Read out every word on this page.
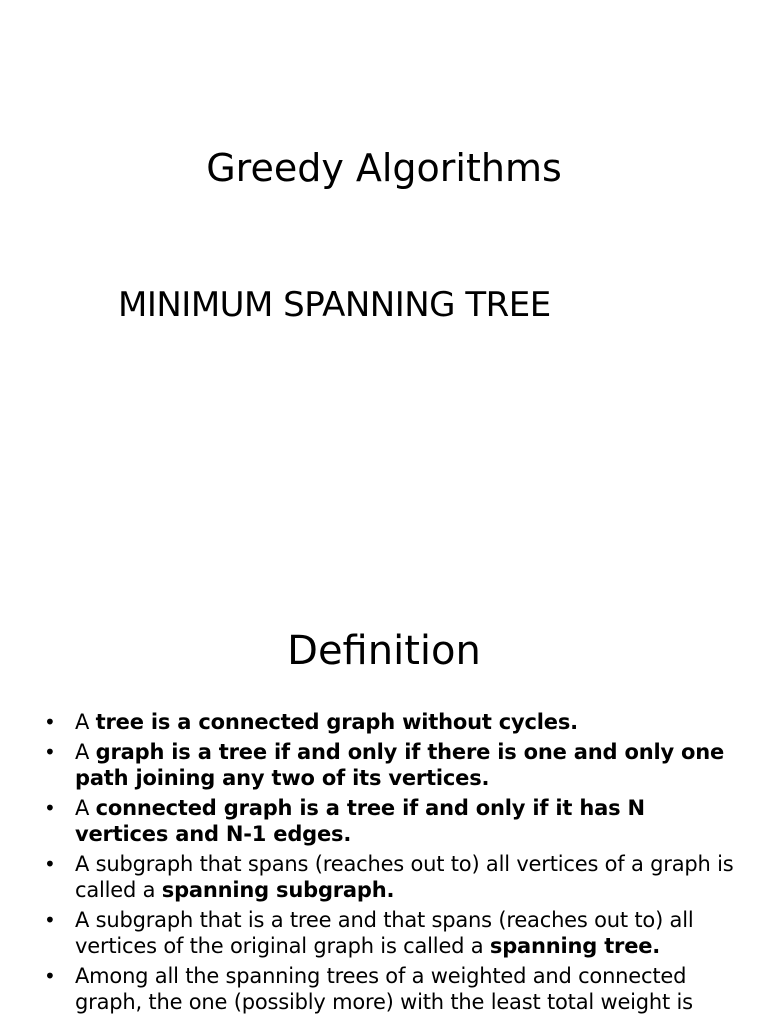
Greedy Algorithms
MINIMUM SPANNING TREE
Definition
• A tree is a connected graph without cycles.
• A graph is a tree if and only if there is one and only one path joining any two of its vertices.
• A connected graph is a tree if and only if it has N vertices and N-1 edges.
• A subgraph that spans (reaches out to) all vertices of a graph is called a spanning subgraph.
• A subgraph that is a tree and that spans (reaches out to) all vertices of the original graph is called a spanning tree.
• Among all the spanning trees of a weighted and connected graph, the one (possibly more) with the least total weight is
